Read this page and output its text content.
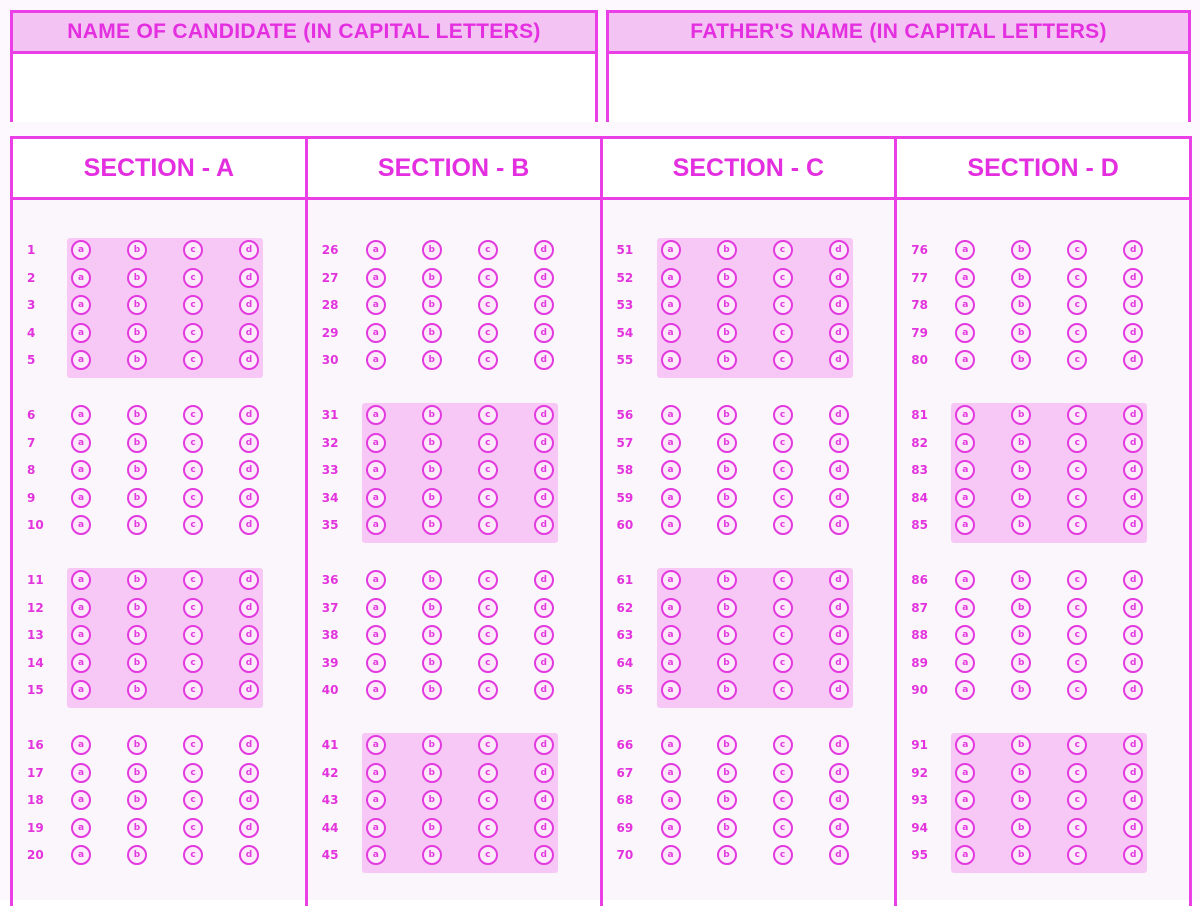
NAME OF CANDIDATE (IN CAPITAL LETTERS)	FATHER'S NAME (IN CAPITAL LETTERS)
SECTION - A
1	a	b	c	d
2	a	b	c	d
3	a	b	c	d
4	a	b	c	d
5	a	b	c	d
6	a	b	c	d
7	a	b	c	d
8	a	b	c	d
9	a	b	c	d
10	a	b	c	d
11	a	b	c	d
12	a	b	c	d
13	a	b	c	d
14	a	b	c	d
15	a	b	c	d
16	a	b	c	d
17	a	b	c	d
18	a	b	c	d
19	a	b	c	d
20	a	b	c	d
SECTION - B
26	a	b	c	d
27	a	b	c	d
28	a	b	c	d
29	a	b	c	d
30	a	b	c	d
31	a	b	c	d
32	a	b	c	d
33	a	b	c	d
34	a	b	c	d
35	a	b	c	d
36	a	b	c	d
37	a	b	c	d
38	a	b	c	d
39	a	b	c	d
40	a	b	c	d
41	a	b	c	d
42	a	b	c	d
43	a	b	c	d
44	a	b	c	d
45	a	b	c	d
SECTION - C
51	a	b	c	d
52	a	b	c	d
53	a	b	c	d
54	a	b	c	d
55	a	b	c	d
56	a	b	c	d
57	a	b	c	d
58	a	b	c	d
59	a	b	c	d
60	a	b	c	d
61	a	b	c	d
62	a	b	c	d
63	a	b	c	d
64	a	b	c	d
65	a	b	c	d
66	a	b	c	d
67	a	b	c	d
68	a	b	c	d
69	a	b	c	d
70	a	b	c	d
SECTION - D
76	a	b	c	d
77	a	b	c	d
78	a	b	c	d
79	a	b	c	d
80	a	b	c	d
81	a	b	c	d
82	a	b	c	d
83	a	b	c	d
84	a	b	c	d
85	a	b	c	d
86	a	b	c	d
87	a	b	c	d
88	a	b	c	d
89	a	b	c	d
90	a	b	c	d
91	a	b	c	d
92	a	b	c	d
93	a	b	c	d
94	a	b	c	d
95	a	b	c	d
